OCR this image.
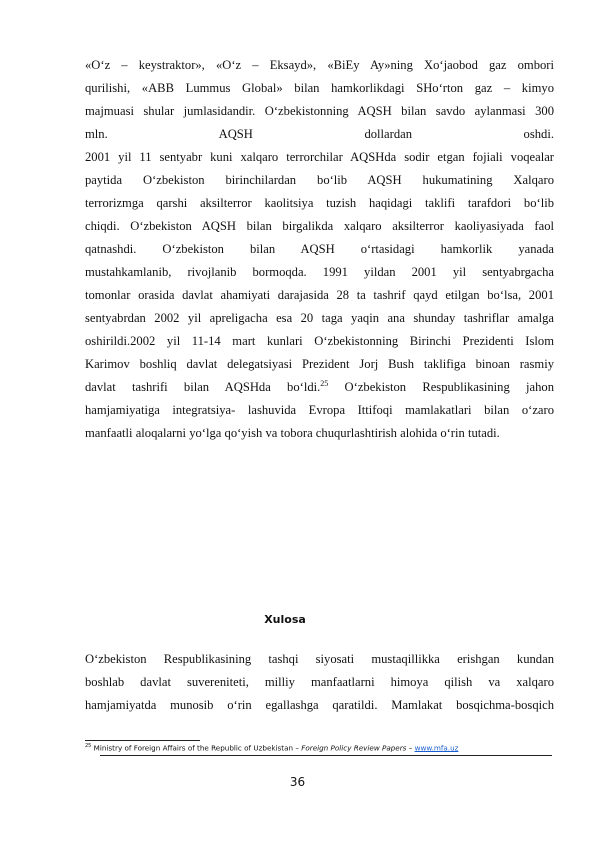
«O‘z – keystraktor», «O‘z – Eksayd», «BiEy Ay»ning Xo‘jaobod gaz ombori
qurilishi, «ABB Lummus Global» bilan hamkorlikdagi SHo‘rton gaz – kimyo
majmuasi shular jumlasidandir. O‘zbekistonning AQSH bilan savdo aylanmasi 300
mln. AQSH dollardan oshdi.
2001 yil 11 sentyabr kuni xalqaro terrorchilar AQSHda sodir etgan fojiali voqealar
paytida O‘zbekiston birinchilardan bo‘lib AQSH hukumatining Xalqaro
terrorizmga qarshi aksilterror kaolitsiya tuzish haqidagi taklifi tarafdori bo‘lib
chiqdi. O‘zbekiston AQSH bilan birgalikda xalqaro aksilterror kaoliyasiyada faol
qatnashdi. O‘zbekiston bilan AQSH o‘rtasidagi hamkorlik yanada
mustahkamlanib, rivojlanib bormoqda. 1991 yildan 2001 yil sentyabrgacha
tomonlar orasida davlat ahamiyati darajasida 28 ta tashrif qayd etilgan bo‘lsa, 2001
sentyabrdan 2002 yil apreligacha esa 20 taga yaqin ana shunday tashriflar amalga
oshirildi.2002 yil 11-14 mart kunlari O‘zbekistonning Birinchi Prezidenti Islom
Karimov boshliq davlat delegatsiyasi Prezident Jorj Bush taklifiga binoan rasmiy
davlat tashrifi bilan AQSHda bo‘ldi.$^{25}$ O‘zbekiston Respublikasining jahon
hamjamiyatiga integratsiya- lashuvida Evropa Ittifoqi mamlakatlari bilan o‘zaro
manfaatli aloqalarni yo‘lga qo‘yish va tobora chuqurlashtirish alohida o‘rin tutadi.
Xulosa
O‘zbekiston Respublikasining tashqi siyosati mustaqillikka erishgan kundan
boshlab davlat suvereniteti, milliy manfaatlarni himoya qilish va xalqaro
hamjamiyatda munosib o‘rin egallashga qaratildi. Mamlakat bosqichma-bosqich
$^{25}$ Ministry of Foreign Affairs of the Republic of Uzbekistan – Foreign Policy Review Papers – www.mfa.uz
36
